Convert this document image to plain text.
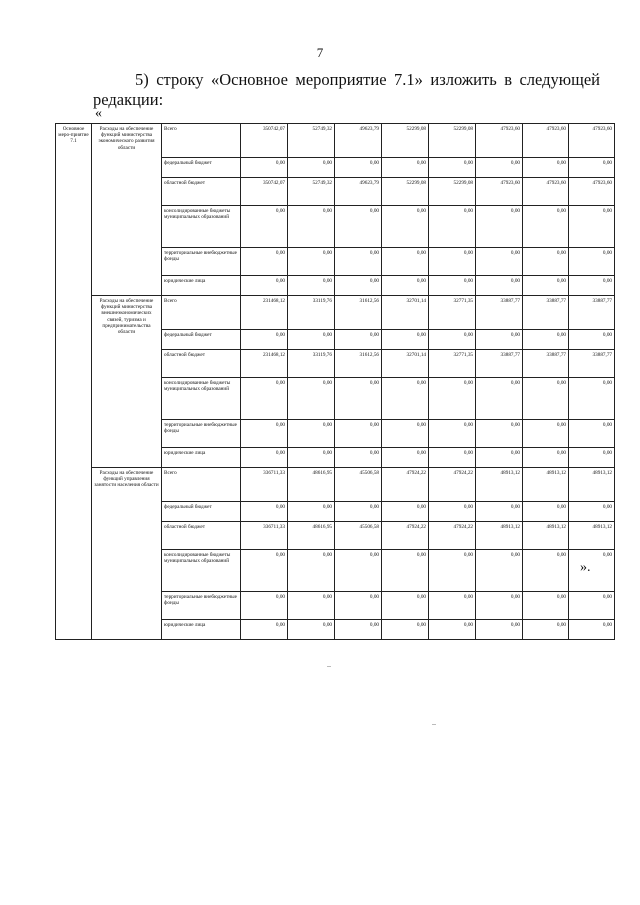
7
5) строку «Основное мероприятие 7.1» изложить в следующей
редакции:
«
Основное меро-приятие 7.1	Расходы на обеспечение функций министерства экономического развития области	Всего	350742,07	52749,32	49623,79	52299,08	52299,08	47923,60	47923,60	47923,60
		федеральный бюджет	0,00	0,00	0,00	0,00	0,00	0,00	0,00	0,00
		областной бюджет	350742,07	52749,32	49623,79	52299,08	52299,08	47923,60	47923,60	47923,60
		консолидированные бюджеты муниципальных образований	0,00	0,00	0,00	0,00	0,00	0,00	0,00	0,00
		территориальные внебюджетные фонды	0,00	0,00	0,00	0,00	0,00	0,00	0,00	0,00
		юридические лица	0,00	0,00	0,00	0,00	0,00	0,00	0,00	0,00
	Расходы на обеспечение функций министерства внешнеэкономических связей, туризма и предпринимательства области	Всего	231468,12	33119,76	31612,56	32701,14	32771,35	33887,77	33887,77	33887,77
		федеральный бюджет	0,00	0,00	0,00	0,00	0,00	0,00	0,00	0,00
		областной бюджет	231468,12	33119,76	31612,56	32701,14	32771,35	33887,77	33887,77	33887,77
		консолидированные бюджеты муниципальных образований	0,00	0,00	0,00	0,00	0,00	0,00	0,00	0,00
		территориальные внебюджетные фонды	0,00	0,00	0,00	0,00	0,00	0,00	0,00	0,00
		юридические лица	0,00	0,00	0,00	0,00	0,00	0,00	0,00	0,00
	Расходы на обеспечение функций управления занятости населения области	Всего	336711,33	48616,95	45506,58	47924,22	47924,22	48913,12	48913,12	48913,12
		федеральный бюджет	0,00	0,00	0,00	0,00	0,00	0,00	0,00	0,00
		областной бюджет	336711,33	48616,95	45506,58	47924,22	47924,22	48913,12	48913,12	48913,12
		консолидированные бюджеты муниципальных образований	0,00	0,00	0,00	0,00	0,00	0,00	0,00	0,00
		территориальные внебюджетные фонды	0,00	0,00	0,00	0,00	0,00	0,00	0,00	0,00
		юридические лица	0,00	0,00	0,00	0,00	0,00	0,00	0,00	0,00
».
